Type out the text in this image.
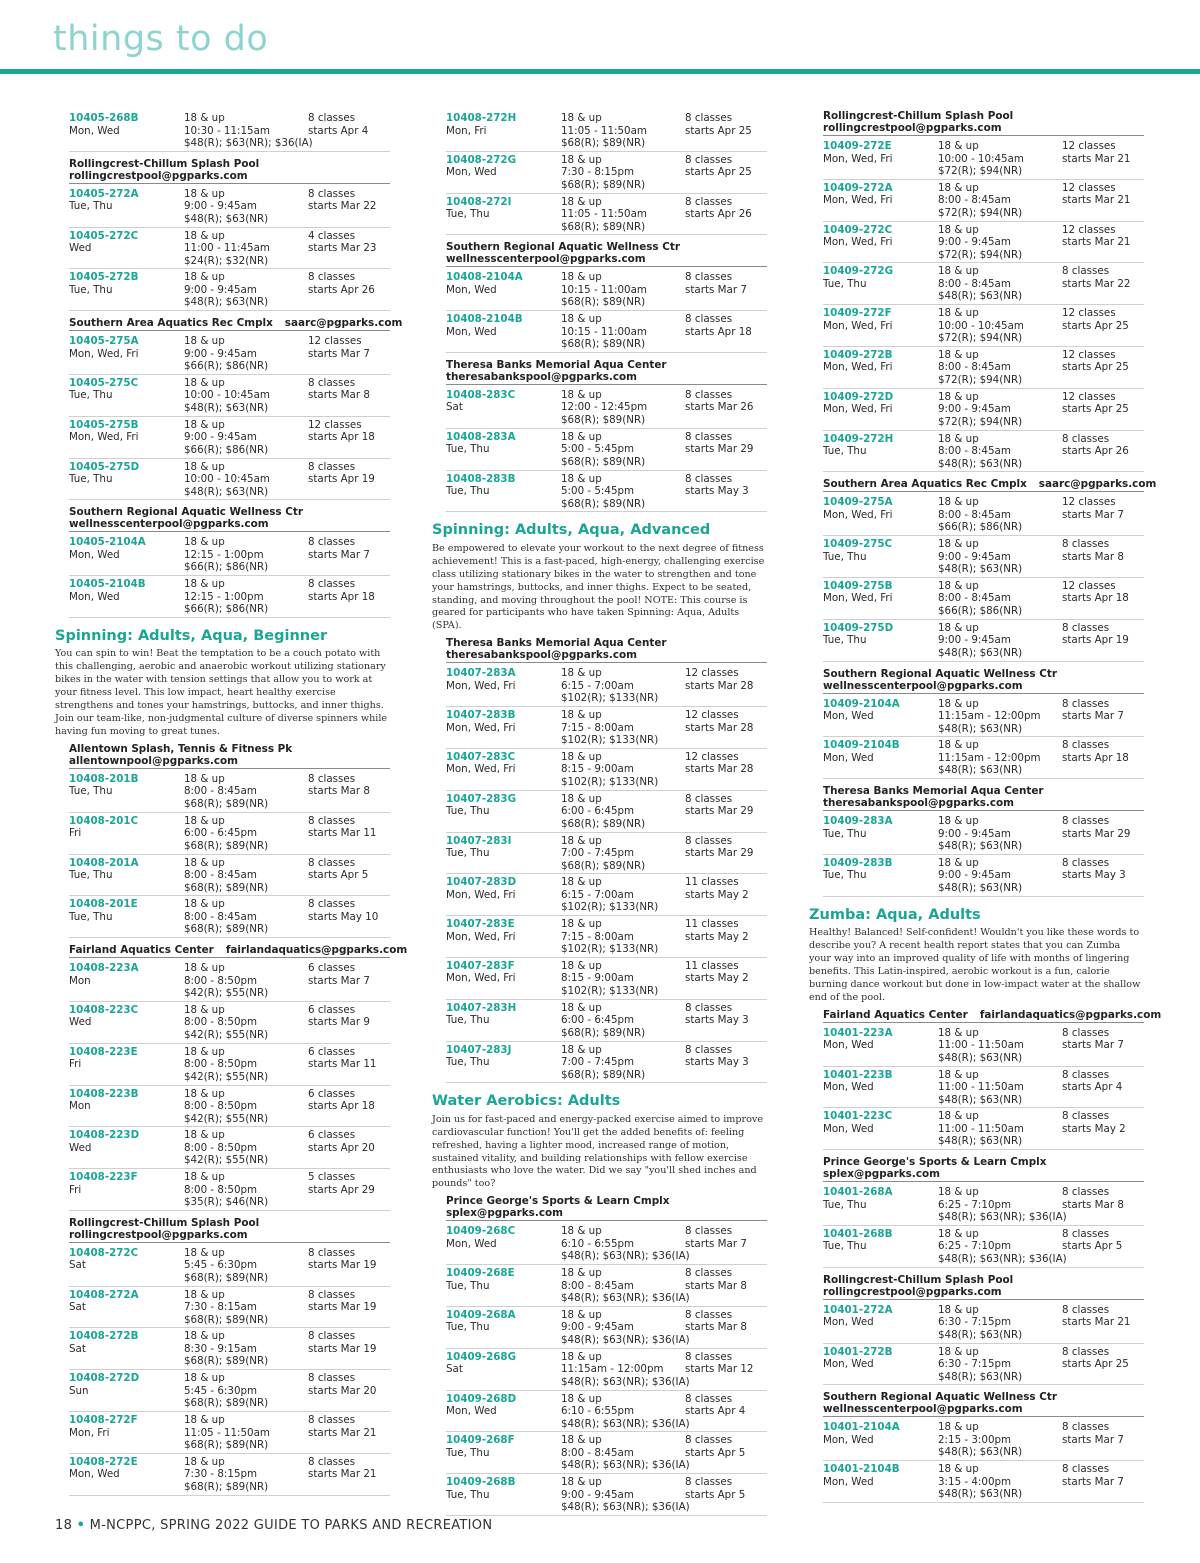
things to do
10405-268B
Mon, Wed
18 & up
10:30 - 11:15am
$48(R); $63(NR); $36(IA)
8 classes
starts Apr 4
Rollingcrest-Chillum Splash Pool
rollingcrestpool@pgparks.com
10405-272A
Tue, Thu
18 & up
9:00 - 9:45am
$48(R); $63(NR)
8 classes
starts Mar 22
10405-272C
Wed
18 & up
11:00 - 11:45am
$24(R); $32(NR)
4 classes
starts Mar 23
10405-272B
Tue, Thu
18 & up
9:00 - 9:45am
$48(R); $63(NR)
8 classes
starts Apr 26
Southern Area Aquatics Rec Cmplx saarc@pgparks.com
10405-275A
Mon, Wed, Fri
18 & up
9:00 - 9:45am
$66(R); $86(NR)
12 classes
starts Mar 7
10405-275C
Tue, Thu
18 & up
10:00 - 10:45am
$48(R); $63(NR)
8 classes
starts Mar 8
10405-275B
Mon, Wed, Fri
18 & up
9:00 - 9:45am
$66(R); $86(NR)
12 classes
starts Apr 18
10405-275D
Tue, Thu
18 & up
10:00 - 10:45am
$48(R); $63(NR)
8 classes
starts Apr 19
Southern Regional Aquatic Wellness Ctr
wellnesscenterpool@pgparks.com
10405-2104A
Mon, Wed
18 & up
12:15 - 1:00pm
$66(R); $86(NR)
8 classes
starts Mar 7
10405-2104B
Mon, Wed
18 & up
12:15 - 1:00pm
$66(R); $86(NR)
8 classes
starts Apr 18
Spinning: Adults, Aqua, Beginner
You can spin to win! Beat the temptation to be a couch potato with this challenging, aerobic and anaerobic workout utilizing stationary bikes in the water with tension settings that allow you to work at your fitness level. This low impact, heart healthy exercise strengthens and tones your hamstrings, buttocks, and inner thighs. Join our team-like, non-judgmental culture of diverse spinners while having fun moving to great tunes.
Allentown Splash, Tennis & Fitness Pk
allentownpool@pgparks.com
10408-201B
Tue, Thu
18 & up
8:00 - 8:45am
$68(R); $89(NR)
8 classes
starts Mar 8
10408-201C
Fri
18 & up
6:00 - 6:45pm
$68(R); $89(NR)
8 classes
starts Mar 11
10408-201A
Tue, Thu
18 & up
8:00 - 8:45am
$68(R); $89(NR)
8 classes
starts Apr 5
10408-201E
Tue, Thu
18 & up
8:00 - 8:45am
$68(R); $89(NR)
8 classes
starts May 10
Fairland Aquatics Center fairlandaquatics@pgparks.com
10408-223A
Mon
18 & up
8:00 - 8:50pm
$42(R); $55(NR)
6 classes
starts Mar 7
10408-223C
Wed
18 & up
8:00 - 8:50pm
$42(R); $55(NR)
6 classes
starts Mar 9
10408-223E
Fri
18 & up
8:00 - 8:50pm
$42(R); $55(NR)
6 classes
starts Mar 11
10408-223B
Mon
18 & up
8:00 - 8:50pm
$42(R); $55(NR)
6 classes
starts Apr 18
10408-223D
Wed
18 & up
8:00 - 8:50pm
$42(R); $55(NR)
6 classes
starts Apr 20
10408-223F
Fri
18 & up
8:00 - 8:50pm
$35(R); $46(NR)
5 classes
starts Apr 29
Rollingcrest-Chillum Splash Pool
rollingcrestpool@pgparks.com
10408-272C
Sat
18 & up
5:45 - 6:30pm
$68(R); $89(NR)
8 classes
starts Mar 19
10408-272A
Sat
18 & up
7:30 - 8:15am
$68(R); $89(NR)
8 classes
starts Mar 19
10408-272B
Sat
18 & up
8:30 - 9:15am
$68(R); $89(NR)
8 classes
starts Mar 19
10408-272D
Sun
18 & up
5:45 - 6:30pm
$68(R); $89(NR)
8 classes
starts Mar 20
10408-272F
Mon, Fri
18 & up
11:05 - 11:50am
$68(R); $89(NR)
8 classes
starts Mar 21
10408-272E
Mon, Wed
18 & up
7:30 - 8:15pm
$68(R); $89(NR)
8 classes
starts Mar 21
10408-272H
Mon, Fri
18 & up
11:05 - 11:50am
$68(R); $89(NR)
8 classes
starts Apr 25
10408-272G
Mon, Wed
18 & up
7:30 - 8:15pm
$68(R); $89(NR)
8 classes
starts Apr 25
10408-272I
Tue, Thu
18 & up
11:05 - 11:50am
$68(R); $89(NR)
8 classes
starts Apr 26
Southern Regional Aquatic Wellness Ctr
wellnesscenterpool@pgparks.com
10408-2104A
Mon, Wed
18 & up
10:15 - 11:00am
$68(R); $89(NR)
8 classes
starts Mar 7
10408-2104B
Mon, Wed
18 & up
10:15 - 11:00am
$68(R); $89(NR)
8 classes
starts Apr 18
Theresa Banks Memorial Aqua Center
theresabankspool@pgparks.com
10408-283C
Sat
18 & up
12:00 - 12:45pm
$68(R); $89(NR)
8 classes
starts Mar 26
10408-283A
Tue, Thu
18 & up
5:00 - 5:45pm
$68(R); $89(NR)
8 classes
starts Mar 29
10408-283B
Tue, Thu
18 & up
5:00 - 5:45pm
$68(R); $89(NR)
8 classes
starts May 3
Spinning: Adults, Aqua, Advanced
Be empowered to elevate your workout to the next degree of fitness achievement! This is a fast-paced, high-energy, challenging exercise class utilizing stationary bikes in the water to strengthen and tone your hamstrings, buttocks, and inner thighs. Expect to be seated, standing, and moving throughout the pool! NOTE: This course is geared for participants who have taken Spinning: Aqua, Adults (SPA).
Theresa Banks Memorial Aqua Center
theresabankspool@pgparks.com
10407-283A
Mon, Wed, Fri
18 & up
6:15 - 7:00am
$102(R); $133(NR)
12 classes
starts Mar 28
10407-283B
Mon, Wed, Fri
18 & up
7:15 - 8:00am
$102(R); $133(NR)
12 classes
starts Mar 28
10407-283C
Mon, Wed, Fri
18 & up
8:15 - 9:00am
$102(R); $133(NR)
12 classes
starts Mar 28
10407-283G
Tue, Thu
18 & up
6:00 - 6:45pm
$68(R); $89(NR)
8 classes
starts Mar 29
10407-283I
Tue, Thu
18 & up
7:00 - 7:45pm
$68(R); $89(NR)
8 classes
starts Mar 29
10407-283D
Mon, Wed, Fri
18 & up
6:15 - 7:00am
$102(R); $133(NR)
11 classes
starts May 2
10407-283E
Mon, Wed, Fri
18 & up
7:15 - 8:00am
$102(R); $133(NR)
11 classes
starts May 2
10407-283F
Mon, Wed, Fri
18 & up
8:15 - 9:00am
$102(R); $133(NR)
11 classes
starts May 2
10407-283H
Tue, Thu
18 & up
6:00 - 6:45pm
$68(R); $89(NR)
8 classes
starts May 3
10407-283J
Tue, Thu
18 & up
7:00 - 7:45pm
$68(R); $89(NR)
8 classes
starts May 3
Water Aerobics: Adults
Join us for fast-paced and energy-packed exercise aimed to improve cardiovascular function! You'll get the added benefits of: feeling refreshed, having a lighter mood, increased range of motion, sustained vitality, and building relationships with fellow exercise enthusiasts who love the water. Did we say "you'll shed inches and pounds" too?
Prince George's Sports & Learn Cmplx
splex@pgparks.com
10409-268C
Mon, Wed
18 & up
6:10 - 6:55pm
$48(R); $63(NR); $36(IA)
8 classes
starts Mar 7
10409-268E
Tue, Thu
18 & up
8:00 - 8:45am
$48(R); $63(NR); $36(IA)
8 classes
starts Mar 8
10409-268A
Tue, Thu
18 & up
9:00 - 9:45am
$48(R); $63(NR); $36(IA)
8 classes
starts Mar 8
10409-268G
Sat
18 & up
11:15am - 12:00pm
$48(R); $63(NR); $36(IA)
8 classes
starts Mar 12
10409-268D
Mon, Wed
18 & up
6:10 - 6:55pm
$48(R); $63(NR); $36(IA)
8 classes
starts Apr 4
10409-268F
Tue, Thu
18 & up
8:00 - 8:45am
$48(R); $63(NR); $36(IA)
8 classes
starts Apr 5
10409-268B
Tue, Thu
18 & up
9:00 - 9:45am
$48(R); $63(NR); $36(IA)
8 classes
starts Apr 5
Rollingcrest-Chillum Splash Pool
rollingcrestpool@pgparks.com
10409-272E
Mon, Wed, Fri
18 & up
10:00 - 10:45am
$72(R); $94(NR)
12 classes
starts Mar 21
10409-272A
Mon, Wed, Fri
18 & up
8:00 - 8:45am
$72(R); $94(NR)
12 classes
starts Mar 21
10409-272C
Mon, Wed, Fri
18 & up
9:00 - 9:45am
$72(R); $94(NR)
12 classes
starts Mar 21
10409-272G
Tue, Thu
18 & up
8:00 - 8:45am
$48(R); $63(NR)
8 classes
starts Mar 22
10409-272F
Mon, Wed, Fri
18 & up
10:00 - 10:45am
$72(R); $94(NR)
12 classes
starts Apr 25
10409-272B
Mon, Wed, Fri
18 & up
8:00 - 8:45am
$72(R); $94(NR)
12 classes
starts Apr 25
10409-272D
Mon, Wed, Fri
18 & up
9:00 - 9:45am
$72(R); $94(NR)
12 classes
starts Apr 25
10409-272H
Tue, Thu
18 & up
8:00 - 8:45am
$48(R); $63(NR)
8 classes
starts Apr 26
Southern Area Aquatics Rec Cmplx saarc@pgparks.com
10409-275A
Mon, Wed, Fri
18 & up
8:00 - 8:45am
$66(R); $86(NR)
12 classes
starts Mar 7
10409-275C
Tue, Thu
18 & up
9:00 - 9:45am
$48(R); $63(NR)
8 classes
starts Mar 8
10409-275B
Mon, Wed, Fri
18 & up
8:00 - 8:45am
$66(R); $86(NR)
12 classes
starts Apr 18
10409-275D
Tue, Thu
18 & up
9:00 - 9:45am
$48(R); $63(NR)
8 classes
starts Apr 19
Southern Regional Aquatic Wellness Ctr
wellnesscenterpool@pgparks.com
10409-2104A
Mon, Wed
18 & up
11:15am - 12:00pm
$48(R); $63(NR)
8 classes
starts Mar 7
10409-2104B
Mon, Wed
18 & up
11:15am - 12:00pm
$48(R); $63(NR)
8 classes
starts Apr 18
Theresa Banks Memorial Aqua Center
theresabankspool@pgparks.com
10409-283A
Tue, Thu
18 & up
9:00 - 9:45am
$48(R); $63(NR)
8 classes
starts Mar 29
10409-283B
Tue, Thu
18 & up
9:00 - 9:45am
$48(R); $63(NR)
8 classes
starts May 3
Zumba: Aqua, Adults
Healthy! Balanced! Self-confident! Wouldn't you like these words to describe you? A recent health report states that you can Zumba your way into an improved quality of life with months of lingering benefits. This Latin-inspired, aerobic workout is a fun, calorie burning dance workout but done in low-impact water at the shallow end of the pool.
Fairland Aquatics Center fairlandaquatics@pgparks.com
10401-223A
Mon, Wed
18 & up
11:00 - 11:50am
$48(R); $63(NR)
8 classes
starts Mar 7
10401-223B
Mon, Wed
18 & up
11:00 - 11:50am
$48(R); $63(NR)
8 classes
starts Apr 4
10401-223C
Mon, Wed
18 & up
11:00 - 11:50am
$48(R); $63(NR)
8 classes
starts May 2
Prince George's Sports & Learn Cmplx
splex@pgparks.com
10401-268A
Tue, Thu
18 & up
6:25 - 7:10pm
$48(R); $63(NR); $36(IA)
8 classes
starts Mar 8
10401-268B
Tue, Thu
18 & up
6:25 - 7:10pm
$48(R); $63(NR); $36(IA)
8 classes
starts Apr 5
Rollingcrest-Chillum Splash Pool
rollingcrestpool@pgparks.com
10401-272A
Mon, Wed
18 & up
6:30 - 7:15pm
$48(R); $63(NR)
8 classes
starts Mar 21
10401-272B
Mon, Wed
18 & up
6:30 - 7:15pm
$48(R); $63(NR)
8 classes
starts Apr 25
Southern Regional Aquatic Wellness Ctr
wellnesscenterpool@pgparks.com
10401-2104A
Mon, Wed
18 & up
2:15 - 3:00pm
$48(R); $63(NR)
8 classes
starts Mar 7
10401-2104B
Mon, Wed
18 & up
3:15 - 4:00pm
$48(R); $63(NR)
8 classes
starts Mar 7
18 • M-NCPPC, SPRING 2022 GUIDE TO PARKS AND RECREATION
